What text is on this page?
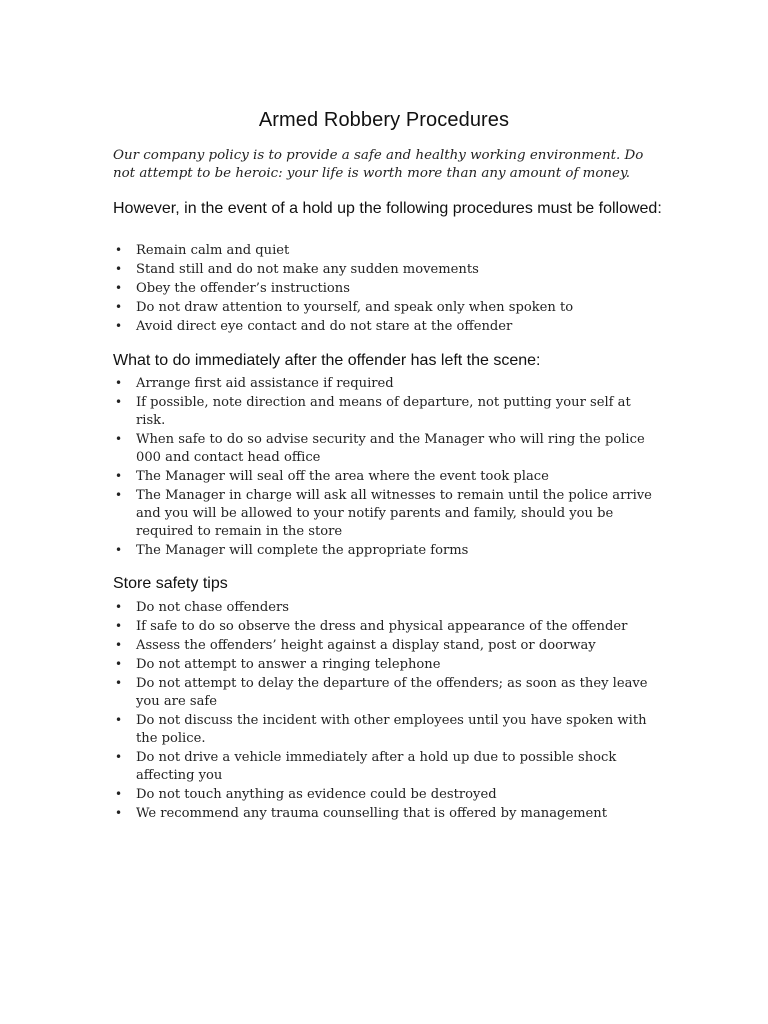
Armed Robbery Procedures

Our company policy is to provide a safe and healthy working environment. Do not attempt to be heroic: your life is worth more than any amount of money.

However, in the event of a hold up the following procedures must be followed:
• Remain calm and quiet
• Stand still and do not make any sudden movements
• Obey the offender’s instructions
• Do not draw attention to yourself, and speak only when spoken to
• Avoid direct eye contact and do not stare at the offender
What to do immediately after the offender has left the scene:
• Arrange first aid assistance if required
• If possible, note direction and means of departure, not putting your self at risk.
• When safe to do so advise security and the Manager who will ring the police 000 and contact head office
• The Manager will seal off the area where the event took place
• The Manager in charge will ask all witnesses to remain until the police arrive and you will be allowed to your notify parents and family, should you be required to remain in the store
• The Manager will complete the appropriate forms
Store safety tips
• Do not chase offenders
• If safe to do so observe the dress and physical appearance of the offender
• Assess the offenders’ height against a display stand, post or doorway
• Do not attempt to answer a ringing telephone
• Do not attempt to delay the departure of the offenders; as soon as they leave you are safe
• Do not discuss the incident with other employees until you have spoken with the police.
• Do not drive a vehicle immediately after a hold up due to possible shock affecting you
• Do not touch anything as evidence could be destroyed
• We recommend any trauma counselling that is offered by management
